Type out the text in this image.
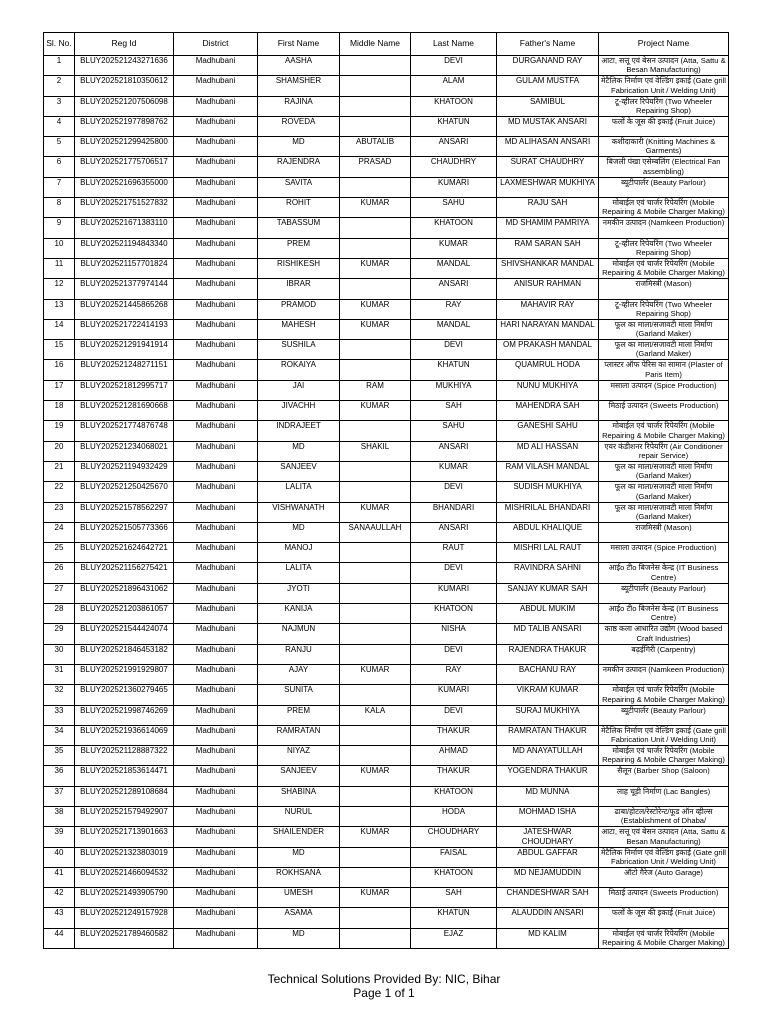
Sl. No.	Reg Id	District	First Name	Middle Name	Last Name	Father's Name	Project Name
1	BLUY202521243271636	Madhubani	AASHA		DEVI	DURGANAND RAY	आटा, सत्तू एवं बेसन उत्पादन (Atta, Sattu & Besan Manufacturing)
2	BLUY202521810350612	Madhubani	SHAMSHER		ALAM	GULAM MUSTFA	मेटैलिक निर्माण एवं वेल्डिंग इकाई (Gate grill Fabrication Unit / Welding Unit)
3	BLUY202521207506098	Madhubani	RAJINA		KHATOON	SAMIBUL	टू-व्हीलर रिपेयरिंग (Two Wheeler Repairing Shop)
4	BLUY202521977898762	Madhubani	ROVEDA		KHATUN	MD MUSTAK ANSARI	फलों के जूस की इकाई (Fruit Juice)
5	BLUY202521299425800	Madhubani	MD	ABUTALIB	ANSARI	MD ALIHASAN ANSARI	कशीदाकारी (Knitting Machines & Garments)
6	BLUY202521775706517	Madhubani	RAJENDRA	PRASAD	CHAUDHRY	SURAT CHAUDHRY	बिजली पंखा एसेम्बलिंग (Electrical Fan assembling)
7	BLUY202521696355000	Madhubani	SAVITA		KUMARI	LAXMESHWAR MUKHIYA	ब्यूटीपार्लर (Beauty Parlour)
8	BLUY202521751527832	Madhubani	ROHIT	KUMAR	SAHU	RAJU SAH	मोबाईल एवं चार्जर रिपेयरिंग (Mobile Repairing & Mobile Charger Making)
9	BLUY202521671383110	Madhubani	TABASSUM		KHATOON	MD SHAMIM PAMRIYA	नमकीन उत्पादन (Namkeen Production)
10	BLUY202521194843340	Madhubani	PREM		KUMAR	RAM SARAN SAH	टू-व्हीलर रिपेयरिंग (Two Wheeler Repairing Shop)
11	BLUY202521157701824	Madhubani	RISHIKESH	KUMAR	MANDAL	SHIVSHANKAR MANDAL	मोबाईल एवं चार्जर रिपेयरिंग (Mobile Repairing & Mobile Charger Making)
12	BLUY202521377974144	Madhubani	IBRAR		ANSARI	ANISUR RAHMAN	राजमिस्त्री (Mason)
13	BLUY202521445865268	Madhubani	PRAMOD	KUMAR	RAY	MAHAVIR RAY	टू-व्हीलर रिपेयरिंग (Two Wheeler Repairing Shop)
14	BLUY202521722414193	Madhubani	MAHESH	KUMAR	MANDAL	HARI NARAYAN MANDAL	फूल का माला/सजावटी माला निर्माण (Garland Maker)
15	BLUY202521291941914	Madhubani	SUSHILA		DEVI	OM PRAKASH MANDAL	फूल का माला/सजावटी माला निर्माण (Garland Maker)
16	BLUY202521248271151	Madhubani	ROKAIYA		KHATUN	QUAMRUL HODA	प्लास्टर ऑफ पेरिस का सामान (Plaster of Paris Item)
17	BLUY202521812995717	Madhubani	JAI	RAM	MUKHIYA	NUNU MUKHIYA	मसाला उत्पादन (Spice Production)
18	BLUY202521281690668	Madhubani	JIVACHH	KUMAR	SAH	MAHENDRA SAH	मिठाई उत्पादन (Sweets Production)
19	BLUY202521774876748	Madhubani	INDRAJEET		SAHU	GANESHI SAHU	मोबाईल एवं चार्जर रिपेयरिंग (Mobile Repairing & Mobile Charger Making)
20	BLUY202521234068021	Madhubani	MD	SHAKIL	ANSARI	MD ALI HASSAN	एयर कंडीशनर रिपेयरिंग (Air Conditioner repair Service)
21	BLUY202521194932429	Madhubani	SANJEEV		KUMAR	RAM VILASH MANDAL	फूल का माला/सजावटी माला निर्माण (Garland Maker)
22	BLUY202521250425670	Madhubani	LALITA		DEVI	SUDISH MUKHIYA	फूल का माला/सजावटी माला निर्माण (Garland Maker)
23	BLUY202521578562297	Madhubani	VISHWANATH	KUMAR	BHANDARI	MISHRILAL BHANDARI	फूल का माला/सजावटी माला निर्माण (Garland Maker)
24	BLUY202521505773366	Madhubani	MD	SANAAULLAH	ANSARI	ABDUL KHALIQUE	राजमिस्त्री (Mason)
25	BLUY202521624642721	Madhubani	MANOJ		RAUT	MISHRI LAL RAUT	मसाला उत्पादन (Spice Production)
26	BLUY202521156275421	Madhubani	LALITA		DEVI	RAVINDRA SAHNI	आईo टीo बिजनेस केन्द्र (IT Business Centre)
27	BLUY202521896431062	Madhubani	JYOTI		KUMARI	SANJAY KUMAR SAH	ब्यूटीपार्लर (Beauty Parlour)
28	BLUY202521203861057	Madhubani	KANIJA		KHATOON	ABDUL MUKIM	आईo टीo बिजनेस केन्द्र (IT Business Centre)
29	BLUY202521544424074	Madhubani	NAJMUN		NISHA	MD TALIB ANSARI	काष्ठ कला आधारित उद्योग (Wood based Craft Industries)
30	BLUY202521846453182	Madhubani	RANJU		DEVI	RAJENDRA THAKUR	बढ़ईगिरी (Carpentry)
31	BLUY202521991929807	Madhubani	AJAY	KUMAR	RAY	BACHANU RAY	नमकीन उत्पादन (Namkeen Production)
32	BLUY202521360279465	Madhubani	SUNITA		KUMARI	VIKRAM KUMAR	मोबाईल एवं चार्जर रिपेयरिंग (Mobile Repairing & Mobile Charger Making)
33	BLUY202521998746269	Madhubani	PREM	KALA	DEVI	SURAJ MUKHIYA	ब्यूटीपार्लर (Beauty Parlour)
34	BLUY202521936614069	Madhubani	RAMRATAN		THAKUR	RAMRATAN THAKUR	मेटैलिक निर्माण एवं वेल्डिंग इकाई (Gate grill Fabrication Unit / Welding Unit)
35	BLUY202521128887322	Madhubani	NIYAZ		AHMAD	MD ANAYATULLAH	मोबाईल एवं चार्जर रिपेयरिंग (Mobile Repairing & Mobile Charger Making)
36	BLUY202521853614471	Madhubani	SANJEEV	KUMAR	THAKUR	YOGENDRA THAKUR	सैलून (Barber Shop (Saloon)
37	BLUY202521289108684	Madhubani	SHABINA		KHATOON	MD MUNNA	लाह चूड़ी निर्माण (Lac Bangles)
38	BLUY202521579492907	Madhubani	NURUL		HODA	MOHMAD ISHA	ढाबा/होटल/रेस्टोरेन्ट/फूड ऑन व्हील्स (Establishment of Dhaba/
39	BLUY202521713901663	Madhubani	SHAILENDER	KUMAR	CHOUDHARY	JATESHWAR CHOUDHARY	आटा, सत्तू एवं बेसन उत्पादन (Atta, Sattu & Besan Manufacturing)
40	BLUY202521323803019	Madhubani	MD		FAISAL	ABDUL GAFFAR	मेटैलिक निर्माण एवं वेल्डिंग इकाई (Gate grill Fabrication Unit / Welding Unit)
41	BLUY202521466094532	Madhubani	ROKHSANA		KHATOON	MD NEJAMUDDIN	ऑटो गैरेज (Auto Garage)
42	BLUY202521493905790	Madhubani	UMESH	KUMAR	SAH	CHANDESHWAR SAH	मिठाई उत्पादन (Sweets Production)
43	BLUY202521249157928	Madhubani	ASAMA		KHATUN	ALAUDDIN ANSARI	फलों के जूस की इकाई (Fruit Juice)
44	BLUY202521789460582	Madhubani	MD		EJAZ	MD KALIM	मोबाईल एवं चार्जर रिपेयरिंग (Mobile Repairing & Mobile Charger Making)
Technical Solutions Provided By: NIC, Bihar
Page 1 of 1
